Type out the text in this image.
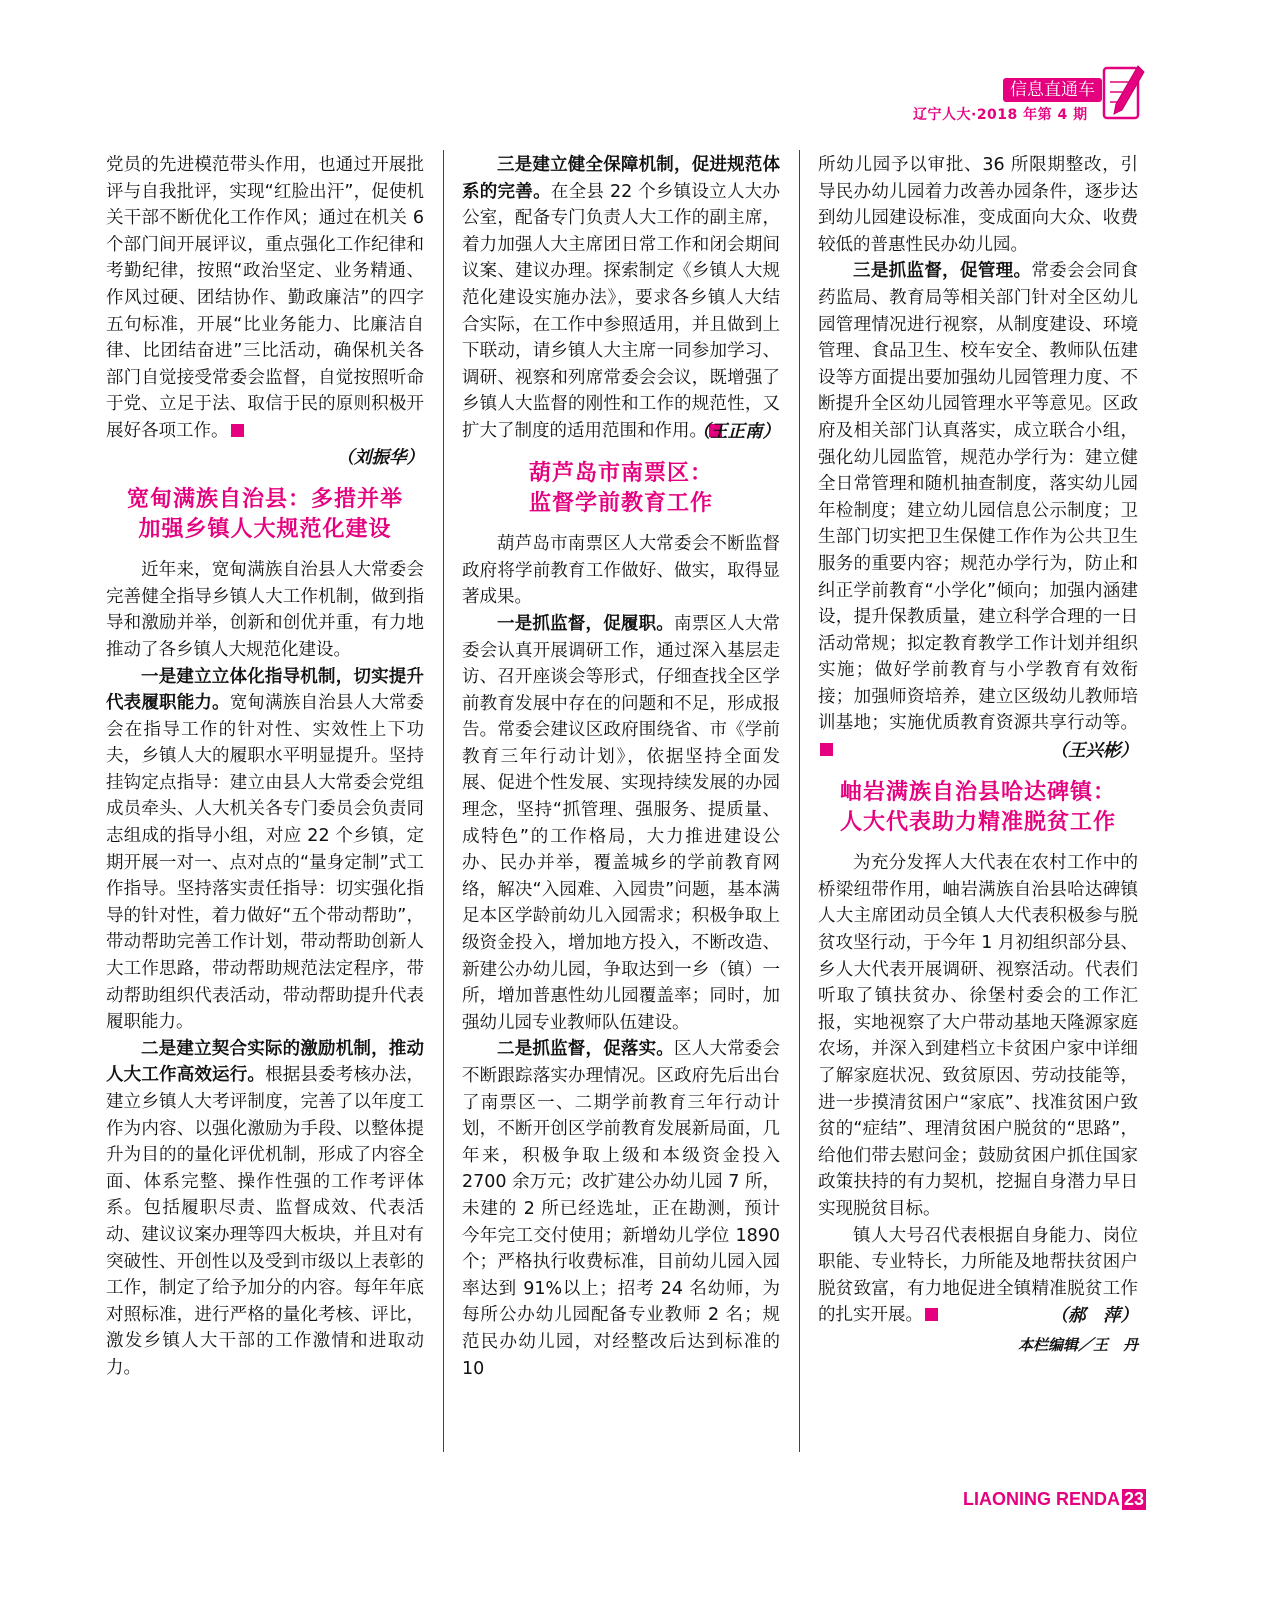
信息直通车
辽宁人大·2018 年第 4 期

党员的先进模范带头作用，也通过开展批评与自我批评，实现“红脸出汗”，促使机关干部不断优化工作作风；通过在机关 6 个部门间开展评议，重点强化工作纪律和考勤纪律，按照“政治坚定、业务精通、作风过硬、团结协作、勤政廉洁”的四字五句标准，开展“比业务能力、比廉洁自律、比团结奋进”三比活动，确保机关各部门自觉接受常委会监督，自觉按照听命于党、立足于法、取信于民的原则积极开展好各项工作。

（刘振华）

宽甸满族自治县：多措并举
加强乡镇人大规范化建设

近年来，宽甸满族自治县人大常委会完善健全指导乡镇人大工作机制，做到指导和激励并举，创新和创优并重，有力地推动了各乡镇人大规范化建设。

一是建立立体化指导机制，切实提升代表履职能力。宽甸满族自治县人大常委会在指导工作的针对性、实效性上下功夫，乡镇人大的履职水平明显提升。坚持挂钩定点指导：建立由县人大常委会党组成员牵头、人大机关各专门委员会负责同志组成的指导小组，对应 22 个乡镇，定期开展一对一、点对点的“量身定制”式工作指导。坚持落实责任指导：切实强化指导的针对性，着力做好“五个带动帮助”，带动帮助完善工作计划，带动帮助创新人大工作思路，带动帮助规范法定程序，带动帮助组织代表活动，带动帮助提升代表履职能力。

二是建立契合实际的激励机制，推动人大工作高效运行。根据县委考核办法，建立乡镇人大考评制度，完善了以年度工作为内容、以强化激励为手段、以整体提升为目的的量化评优机制，形成了内容全面、体系完整、操作性强的工作考评体系。包括履职尽责、监督成效、代表活动、建议议案办理等四大板块，并且对有突破性、开创性以及受到市级以上表彰的工作，制定了给予加分的内容。每年年底对照标准，进行严格的量化考核、评比，激发乡镇人大干部的工作激情和进取动力。

三是建立健全保障机制，促进规范体系的完善。在全县 22 个乡镇设立人大办公室，配备专门负责人大工作的副主席，着力加强人大主席团日常工作和闭会期间议案、建议办理。探索制定《乡镇人大规范化建设实施办法》，要求各乡镇人大结合实际，在工作中参照适用，并且做到上下联动，请乡镇人大主席一同参加学习、调研、视察和列席常委会会议，既增强了乡镇人大监督的刚性和工作的规范性，又扩大了制度的适用范围和作用。

（王正南）

葫芦岛市南票区：
监督学前教育工作

葫芦岛市南票区人大常委会不断监督政府将学前教育工作做好、做实，取得显著成果。

一是抓监督，促履职。南票区人大常委会认真开展调研工作，通过深入基层走访、召开座谈会等形式，仔细查找全区学前教育发展中存在的问题和不足，形成报告。常委会建议区政府围绕省、市《学前教育三年行动计划》，依据坚持全面发展、促进个性发展、实现持续发展的办园理念，坚持“抓管理、强服务、提质量、成特色”的工作格局，大力推进建设公办、民办并举，覆盖城乡的学前教育网络，解决“入园难、入园贵”问题，基本满足本区学龄前幼儿入园需求；积极争取上级资金投入，增加地方投入，不断改造、新建公办幼儿园，争取达到一乡（镇）一所，增加普惠性幼儿园覆盖率；同时，加强幼儿园专业教师队伍建设。

二是抓监督，促落实。区人大常委会不断跟踪落实办理情况。区政府先后出台了南票区一、二期学前教育三年行动计划，不断开创区学前教育发展新局面，几年来，积极争取上级和本级资金投入 2700 余万元；改扩建公办幼儿园 7 所，未建的 2 所已经选址，正在勘测，预计今年完工交付使用；新增幼儿学位 1890 个；严格执行收费标准，目前幼儿园入园率达到 91%以上；招考 24 名幼师，为每所公办幼儿园配备专业教师 2 名；规范民办幼儿园，对经整改后达到标准的 10

所幼儿园予以审批、36 所限期整改，引导民办幼儿园着力改善办园条件，逐步达到幼儿园建设标准，变成面向大众、收费较低的普惠性民办幼儿园。

三是抓监督，促管理。常委会会同食药监局、教育局等相关部门针对全区幼儿园管理情况进行视察，从制度建设、环境管理、食品卫生、校车安全、教师队伍建设等方面提出要加强幼儿园管理力度、不断提升全区幼儿园管理水平等意见。区政府及相关部门认真落实，成立联合小组，强化幼儿园监管，规范办学行为：建立健全日常管理和随机抽查制度，落实幼儿园年检制度；建立幼儿园信息公示制度；卫生部门切实把卫生保健工作作为公共卫生服务的重要内容；规范办学行为，防止和纠正学前教育“小学化”倾向；加强内涵建设，提升保教质量，建立科学合理的一日活动常规；拟定教育教学工作计划并组织实施；做好学前教育与小学教育有效衔接；加强师资培养，建立区级幼儿教师培训基地；实施优质教育资源共享行动等。

（王兴彬）

岫岩满族自治县哈达碑镇：
人大代表助力精准脱贫工作

为充分发挥人大代表在农村工作中的桥梁纽带作用，岫岩满族自治县哈达碑镇人大主席团动员全镇人大代表积极参与脱贫攻坚行动，于今年 1 月初组织部分县、乡人大代表开展调研、视察活动。代表们听取了镇扶贫办、徐堡村委会的工作汇报，实地视察了大户带动基地天隆源家庭农场，并深入到建档立卡贫困户家中详细了解家庭状况、致贫原因、劳动技能等，进一步摸清贫困户“家底”、找准贫困户致贫的“症结”、理清贫困户脱贫的“思路”，给他们带去慰问金；鼓励贫困户抓住国家政策扶持的有力契机，挖掘自身潜力早日实现脱贫目标。

镇人大号召代表根据自身能力、岗位职能、专业特长，力所能及地帮扶贫困户脱贫致富，有力地促进全镇精准脱贫工作的扎实开展。	（郝　萍）

本栏编辑／王　丹
LIAONING RENDA 23
